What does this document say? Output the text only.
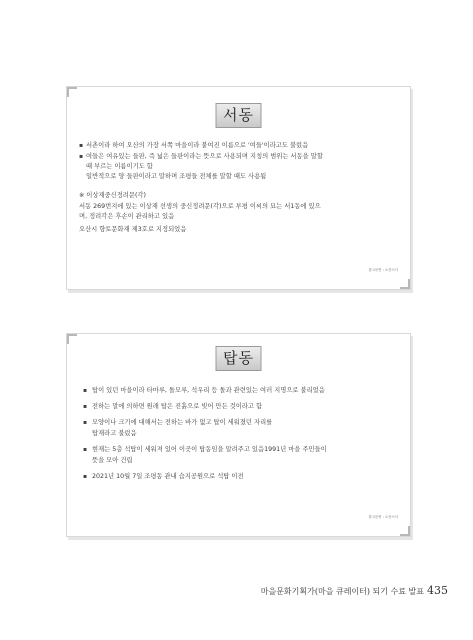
서동
▪ 서촌이라 하여 오산의 가장 서쪽 마을이라 붙여진 이름으로 '여들'이라고도 불렀음
▪ 여들은 여유있는 들판, 즉 넓은 들판이라는 뜻으로 사용되며 지칭의 범위는 서동을 말할
때 부르는 이름이기도 함
일반적으로 양 들판이라고 말하며 조평들 전체를 말할 때도 사용됨
※ 이상재중신정려문(각)
서동 269번지에 있는 이상재 선생의 중신정려문(각)으로 부평 이씨의 묘는 서1동에 있으
며, 정려각은 후손이 관리하고 있음
오산시 향토문화재 제3호로 지정되었음
참고문헌 : 오산시사
탑동
▪ 탑이 있던 마을이라 타마루, 돌모루, 석우리 등 돌과 관련있는 여러 지명으로 불리었음
▪ 전하는 말에 의하면 원래 탑은 진흙으로 빚어 만든 것이라고 함
▪ 모양이나 크기에 대해서는 전하는 바가 없고 탑이 세워졌던 자리를
탑재라고 불렀음
▪ 현재는 5층 석탑이 세워져 있어 이곳이 탑동임을 알려주고 있음1991년 마을 주민들이
뜻을 모아 건립
▪ 2021년 10월 7일 조평동 관내 습지공원으로 석탑 이전
참고문헌 : 오산시사
마을문화기획가(마을 큐레이터) 되기 수료 발표 435
